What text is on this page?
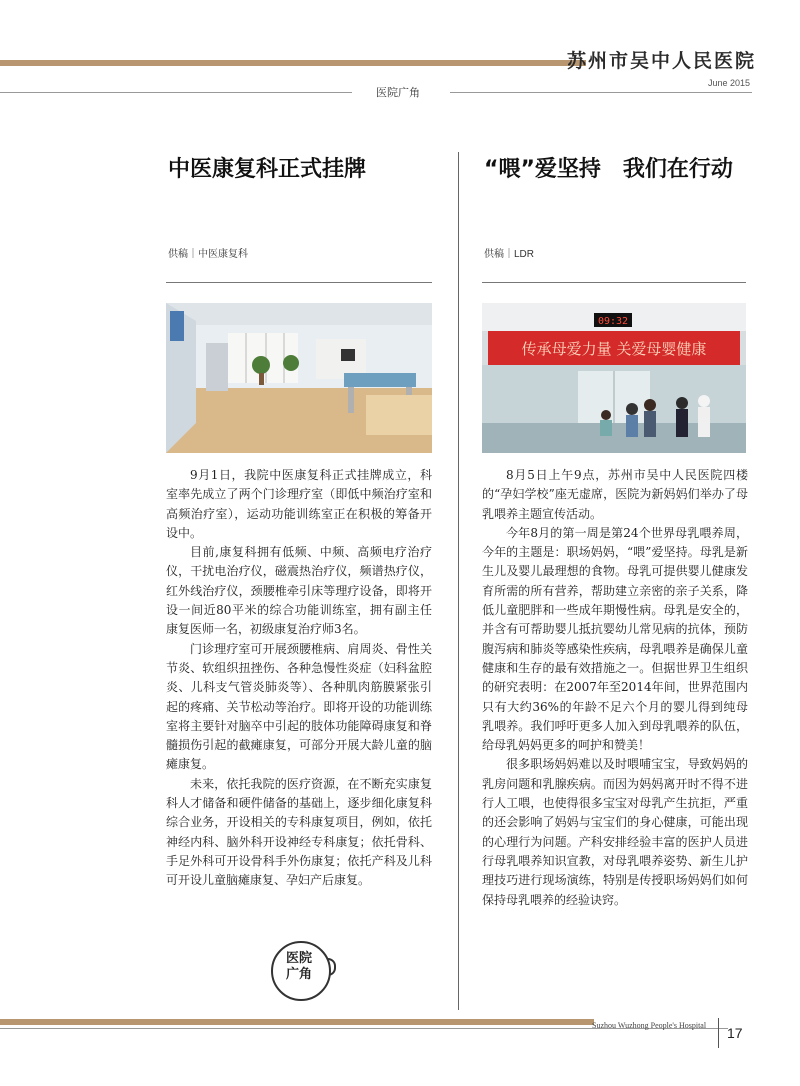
苏州市吴中人民医院
June 2015
医院广角
中医康复科正式挂牌
供稿｜中医康复科

9月1日，我院中医康复科正式挂牌成立，科室率先成立了两个门诊理疗室（即低中频治疗室和高频治疗室），运动功能训练室正在积极的筹备开设中。

目前,康复科拥有低频、中频、高频电疗治疗仪，干扰电治疗仪，磁震热治疗仪，频谱热疗仪，红外线治疗仪，颈腰椎牵引床等理疗设备，即将开设一间近80平米的综合功能训练室，拥有副主任康复医师一名，初级康复治疗师3名。

门诊理疗室可开展颈腰椎病、肩周炎、骨性关节炎、软组织扭挫伤、各种急慢性炎症（妇科盆腔炎、儿科支气管炎肺炎等）、各种肌肉筋膜紧张引起的疼痛、关节松动等治疗。即将开设的功能训练室将主要针对脑卒中引起的肢体功能障碍康复和脊髓损伤引起的截瘫康复，可部分开展大龄儿童的脑瘫康复。

未来，依托我院的医疗资源，在不断充实康复科人才储备和硬件储备的基础上，逐步细化康复科综合业务，开设相关的专科康复项目，例如，依托神经内科、脑外科开设神经专科康复；依托骨科、手足外科可开设骨科手外伤康复；依托产科及儿科可开设儿童脑瘫康复、孕妇产后康复。

“喂”爱坚持　我们在行动
供稿｜LDR
09:32
传承母爱力量 关爱母婴健康

8月5日上午9点，苏州市吴中人民医院四楼的“孕妇学校”座无虚席，医院为新妈妈们举办了母乳喂养主题宣传活动。

今年8月的第一周是第24个世界母乳喂养周，今年的主题是：职场妈妈，“喂”爱坚持。母乳是新生儿及婴儿最理想的食物。母乳可提供婴儿健康发育所需的所有营养，帮助建立亲密的亲子关系，降低儿童肥胖和一些成年期慢性病。母乳是安全的，并含有可帮助婴儿抵抗婴幼儿常见病的抗体，预防腹泻病和肺炎等感染性疾病，母乳喂养是确保儿童健康和生存的最有效措施之一。但据世界卫生组织的研究表明：在2007年至2014年间，世界范围内只有大约36%的年龄不足六个月的婴儿得到纯母乳喂养。我们呼吁更多人加入到母乳喂养的队伍，给母乳妈妈更多的呵护和赞美！

很多职场妈妈难以及时喂哺宝宝，导致妈妈的乳房问题和乳腺疾病。而因为妈妈离开时不得不进行人工喂，也使得很多宝宝对母乳产生抗拒，严重的还会影响了妈妈与宝宝们的身心健康，可能出现的心理行为问题。产科安排经验丰富的医护人员进行母乳喂养知识宣教，对母乳喂养姿势、新生儿护理技巧进行现场演练，特别是传授职场妈妈们如何保持母乳喂养的经验诀窍。

医院
广角
Suzhou Wuzhong People's Hospital 17
